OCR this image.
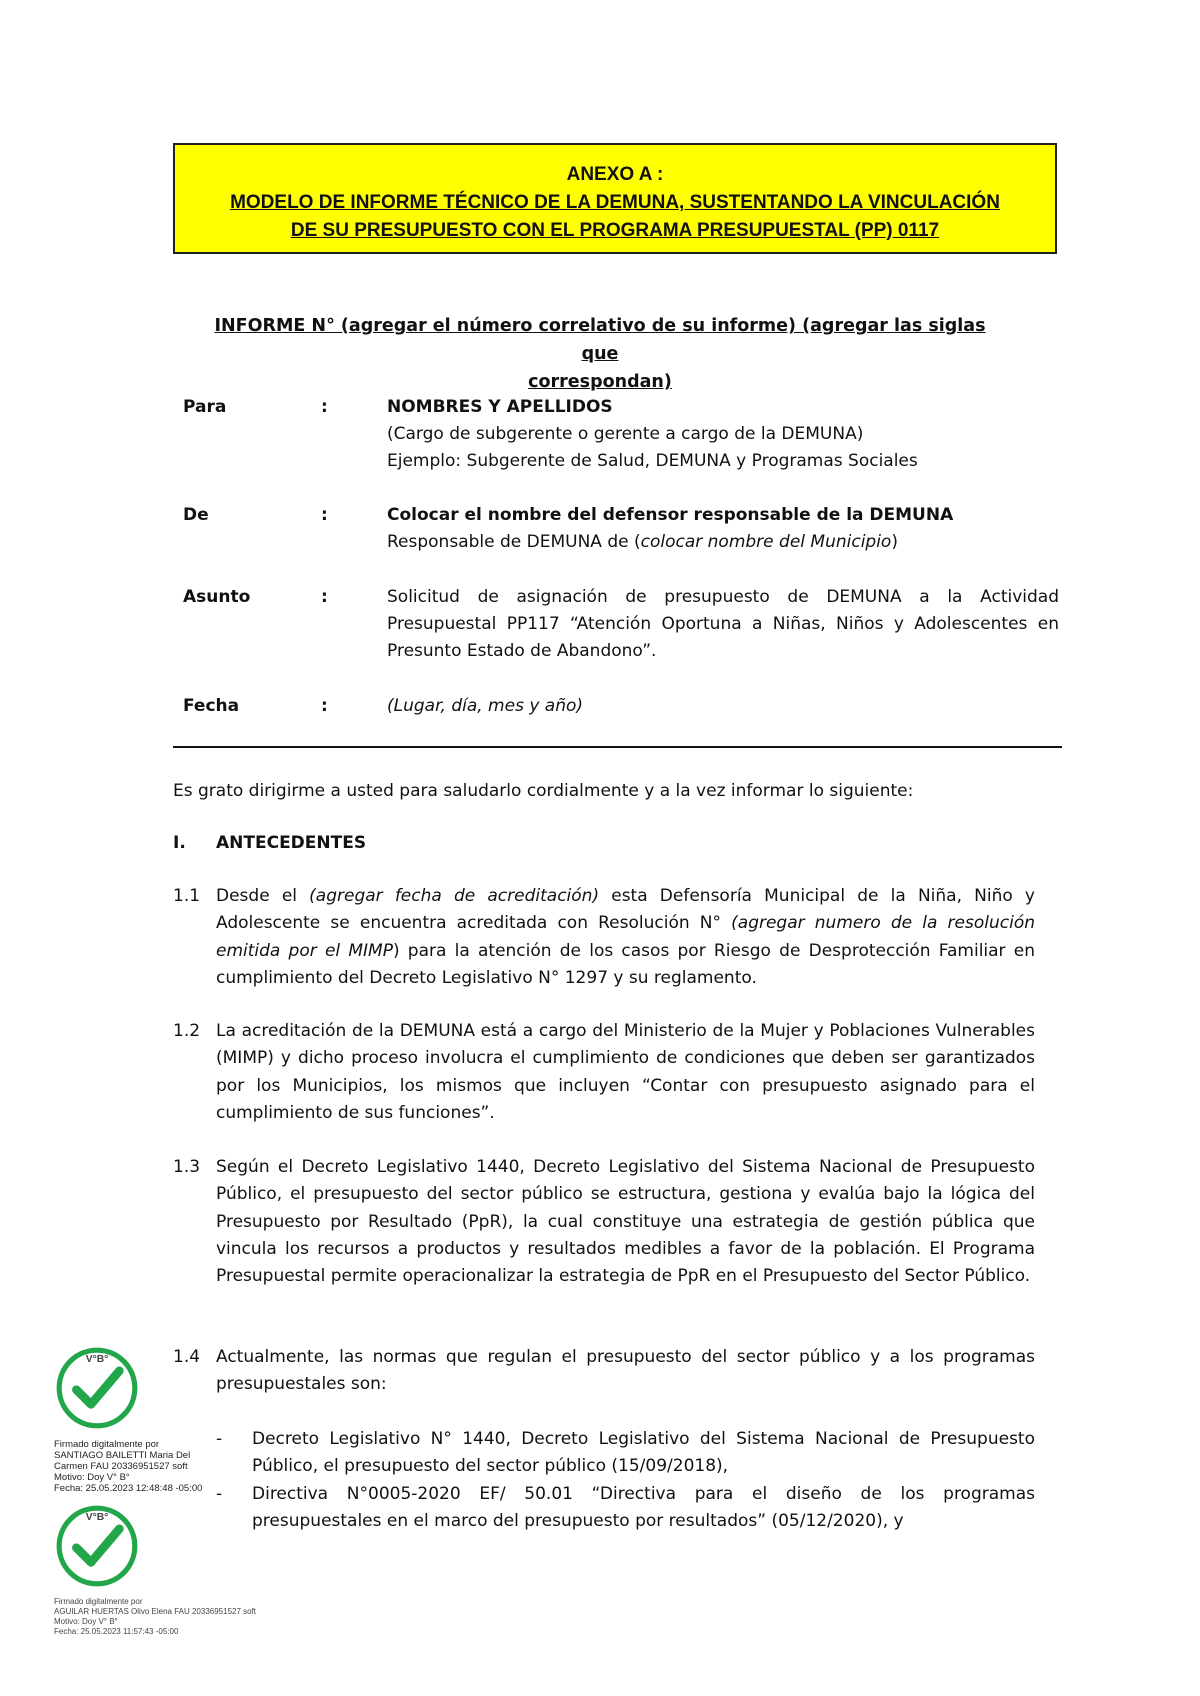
ANEXO A :
MODELO DE INFORME TÉCNICO DE LA DEMUNA, SUSTENTANDO LA VINCULACIÓN
DE SU PRESUPUESTO CON EL PROGRAMA PRESUPUESTAL (PP) 0117
INFORME N° (agregar el número correlativo de su informe) (agregar las siglas que
correspondan)
Para	:	NOMBRES Y APELLIDOS
(Cargo de subgerente o gerente a cargo de la DEMUNA)
Ejemplo: Subgerente de Salud, DEMUNA y Programas Sociales
De	:	Colocar el nombre del defensor responsable de la DEMUNA
Responsable de DEMUNA de (colocar nombre del Municipio)
Asunto	:	Solicitud de asignación de presupuesto de DEMUNA a la Actividad Presupuestal PP117 “Atención Oportuna a Niñas, Niños y Adolescentes en Presunto Estado de Abandono”.
Fecha	:	(Lugar, día, mes y año)
Es grato dirigirme a usted para saludarlo cordialmente y a la vez informar lo siguiente:
I. ANTECEDENTES
1.1 Desde el (agregar fecha de acreditación) esta Defensoría Municipal de la Niña, Niño y Adolescente se encuentra acreditada con Resolución N° (agregar numero de la resolución emitida por el MIMP) para la atención de los casos por Riesgo de Desprotección Familiar en cumplimiento del Decreto Legislativo N° 1297 y su reglamento.
1.2 La acreditación de la DEMUNA está a cargo del Ministerio de la Mujer y Poblaciones Vulnerables (MIMP) y dicho proceso involucra el cumplimiento de condiciones que deben ser garantizados por los Municipios, los mismos que incluyen “Contar con presupuesto asignado para el cumplimiento de sus funciones”.
1.3 Según el Decreto Legislativo 1440, Decreto Legislativo del Sistema Nacional de Presupuesto Público, el presupuesto del sector público se estructura, gestiona y evalúa bajo la lógica del Presupuesto por Resultado (PpR), la cual constituye una estrategia de gestión pública que vincula los recursos a productos y resultados medibles a favor de la población. El Programa Presupuestal permite operacionalizar la estrategia de PpR en el Presupuesto del Sector Público.
1.4 Actualmente, las normas que regulan el presupuesto del sector público y a los programas presupuestales son:
- Decreto Legislativo N° 1440, Decreto Legislativo del Sistema Nacional de Presupuesto Público, el presupuesto del sector público (15/09/2018),
- Directiva N°0005-2020 EF/ 50.01 “Directiva para el diseño de los programas presupuestales en el marco del presupuesto por resultados” (05/12/2020), y
V°B°
Firmado digitalmente por
SANTIAGO BAILETTI Maria Del
Carmen FAU 20336951527 soft
Motivo: Doy V° B°
Fecha: 25.05.2023 12:48:48 -05:00
V°B°
Firmado digitalmente por
AGUILAR HUERTAS Olivo Elena FAU 20336951527 soft
Motivo: Doy V° B°
Fecha: 25.05.2023 11:57:43 -05:00
